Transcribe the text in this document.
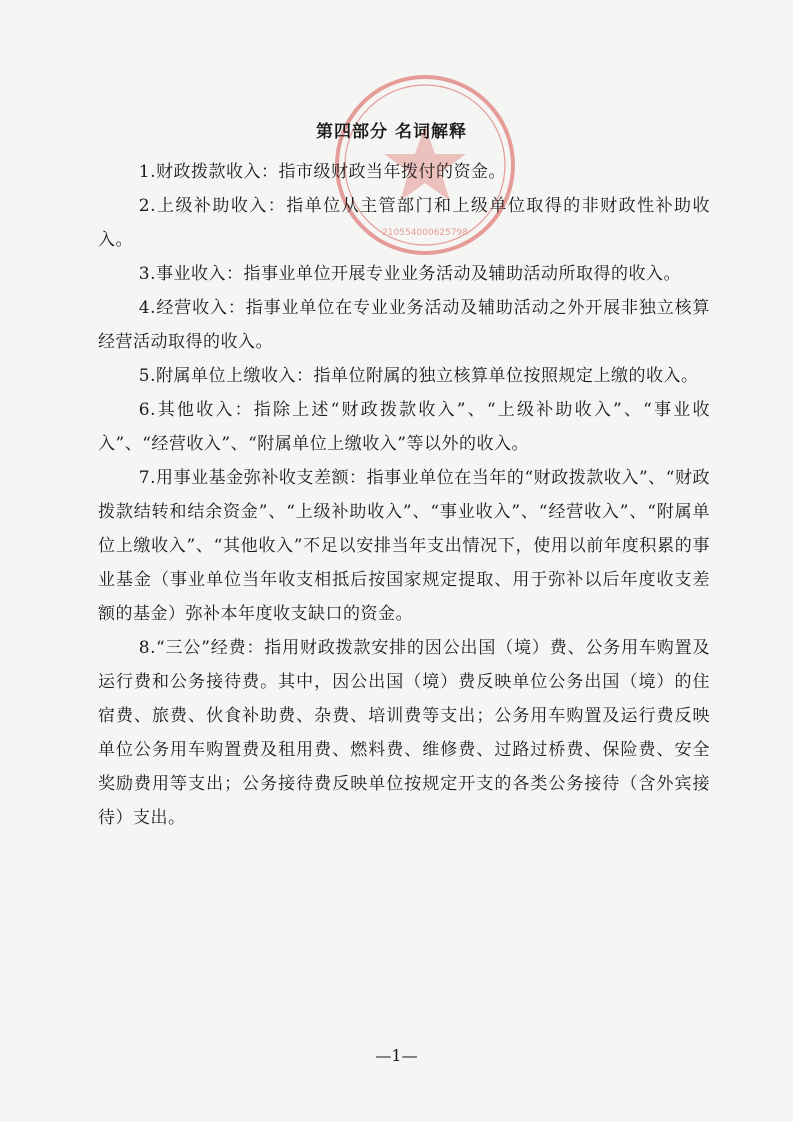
210554000625798
第四部分 名词解释

1.财政拨款收入：指市级财政当年拨付的资金。

2.上级补助收入：指单位从主管部门和上级单位取得的非财政性补助收入。

3.事业收入：指事业单位开展专业业务活动及辅助活动所取得的收入。

4.经营收入：指事业单位在专业业务活动及辅助活动之外开展非独立核算经营活动取得的收入。

5.附属单位上缴收入：指单位附属的独立核算单位按照规定上缴的收入。

6.其他收入：指除上述“财政拨款收入”、“上级补助收入”、“事业收入”、“经营收入”、“附属单位上缴收入”等以外的收入。

7.用事业基金弥补收支差额：指事业单位在当年的“财政拨款收入”、“财政拨款结转和结余资金”、“上级补助收入”、“事业收入”、“经营收入”、“附属单位上缴收入”、“其他收入”不足以安排当年支出情况下，使用以前年度积累的事业基金（事业单位当年收支相抵后按国家规定提取、用于弥补以后年度收支差额的基金）弥补本年度收支缺口的资金。

8.“三公”经费：指用财政拨款安排的因公出国（境）费、公务用车购置及运行费和公务接待费。其中，因公出国（境）费反映单位公务出国（境）的住宿费、旅费、伙食补助费、杂费、培训费等支出；公务用车购置及运行费反映单位公务用车购置费及租用费、燃料费、维修费、过路过桥费、保险费、安全奖励费用等支出；公务接待费反映单位按规定开支的各类公务接待（含外宾接待）支出。

—1—
